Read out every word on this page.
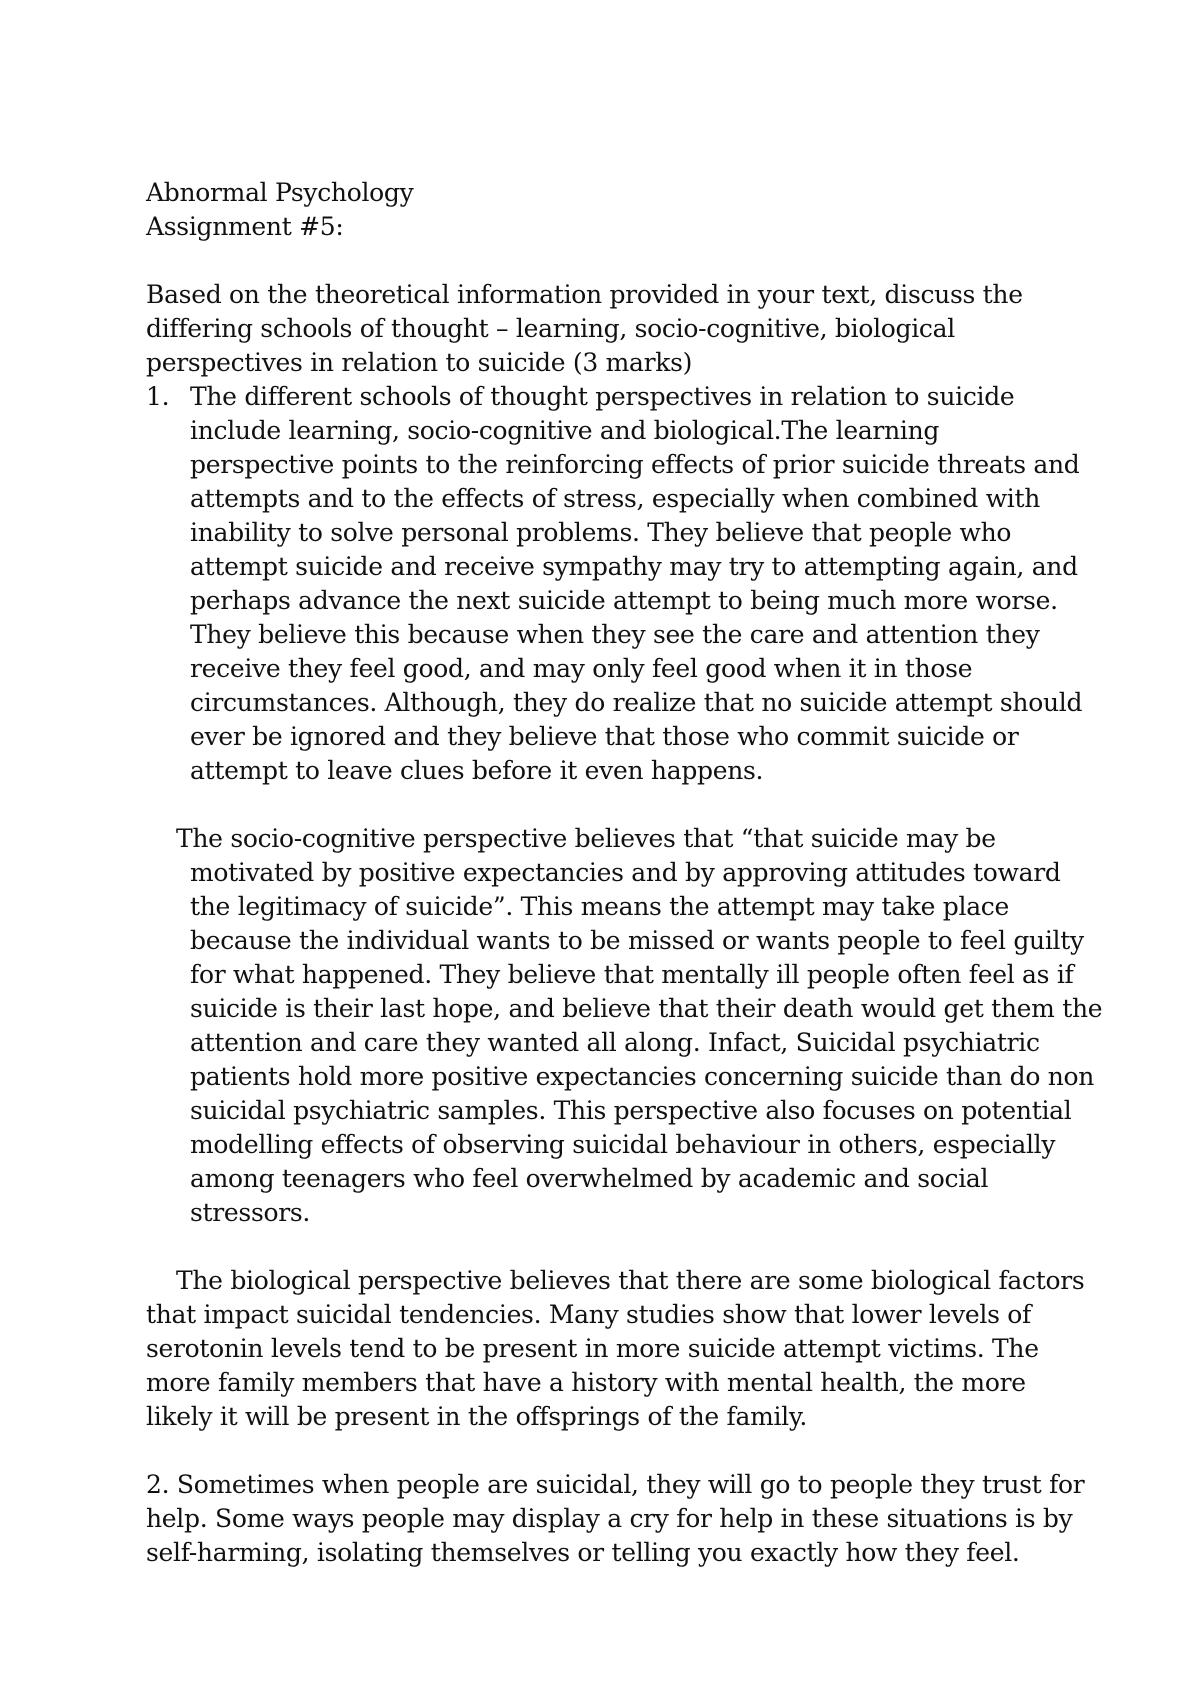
Abnormal Psychology
Assignment #5:
Based on the theoretical information provided in your text, discuss the
differing schools of thought – learning, socio-cognitive, biological
perspectives in relation to suicide (3 marks)
1. The different schools of thought perspectives in relation to suicide
include learning, socio-cognitive and biological.The learning
perspective points to the reinforcing effects of prior suicide threats and
attempts and to the effects of stress, especially when combined with
inability to solve personal problems. They believe that people who
attempt suicide and receive sympathy may try to attempting again, and
perhaps advance the next suicide attempt to being much more worse.
They believe this because when they see the care and attention they
receive they feel good, and may only feel good when it in those
circumstances. Although, they do realize that no suicide attempt should
ever be ignored and they believe that those who commit suicide or
attempt to leave clues before it even happens.
The socio-cognitive perspective believes that “that suicide may be
motivated by positive expectancies and by approving attitudes toward
the legitimacy of suicide”. This means the attempt may take place
because the individual wants to be missed or wants people to feel guilty
for what happened. They believe that mentally ill people often feel as if
suicide is their last hope, and believe that their death would get them the
attention and care they wanted all along. Infact, Suicidal psychiatric
patients hold more positive expectancies concerning suicide than do non
suicidal psychiatric samples. This perspective also focuses on potential
modelling effects of observing suicidal behaviour in others, especially
among teenagers who feel overwhelmed by academic and social
stressors.
The biological perspective believes that there are some biological factors
that impact suicidal tendencies. Many studies show that lower levels of
serotonin levels tend to be present in more suicide attempt victims. The
more family members that have a history with mental health, the more
likely it will be present in the offsprings of the family.
2. Sometimes when people are suicidal, they will go to people they trust for
help. Some ways people may display a cry for help in these situations is by
self-harming, isolating themselves or telling you exactly how they feel.
